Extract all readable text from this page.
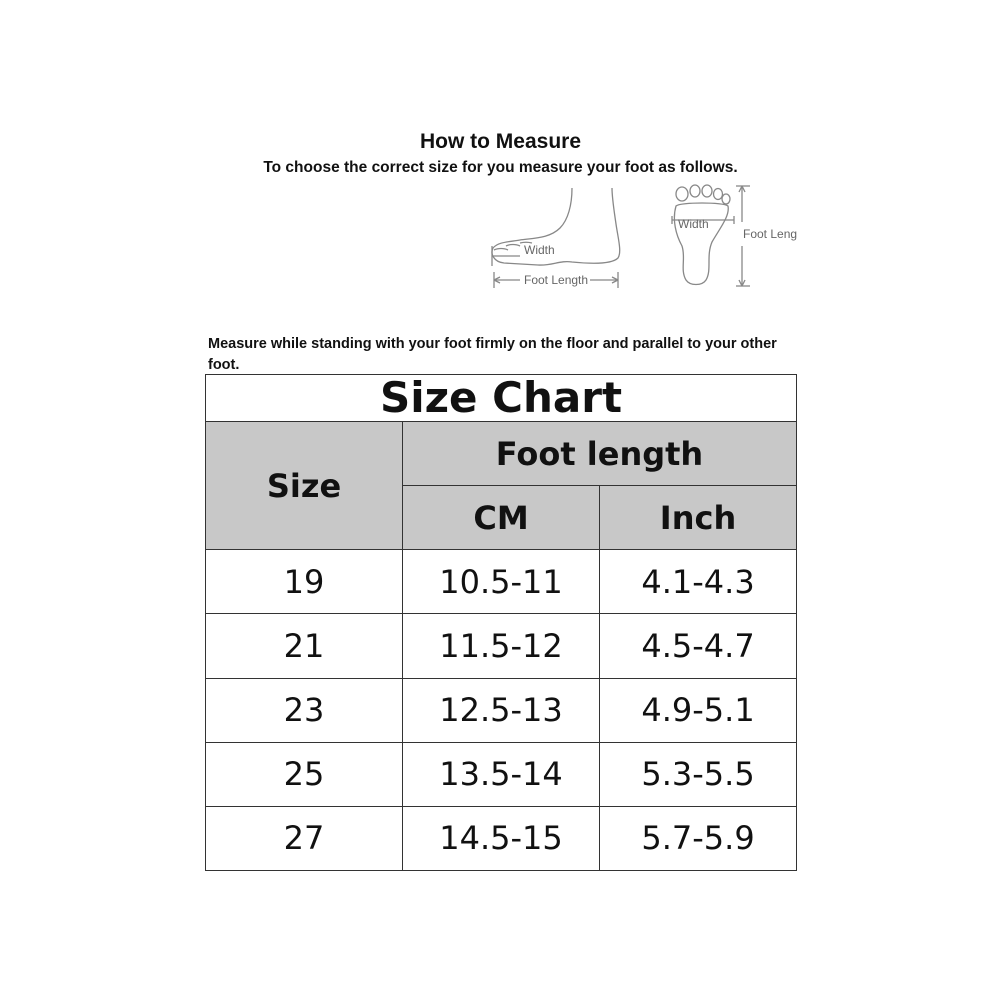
How to Measure
To choose the correct size for you measure your foot as follows.
Width
Foot Length
Width
Foot Leng
Measure while standing with your foot firmly on the floor and parallel to your other foot.
Size Chart		
Size	Foot length	
	CM	Inch
19	10.5-11	4.1-4.3
21	11.5-12	4.5-4.7
23	12.5-13	4.9-5.1
25	13.5-14	5.3-5.5
27	14.5-15	5.7-5.9
